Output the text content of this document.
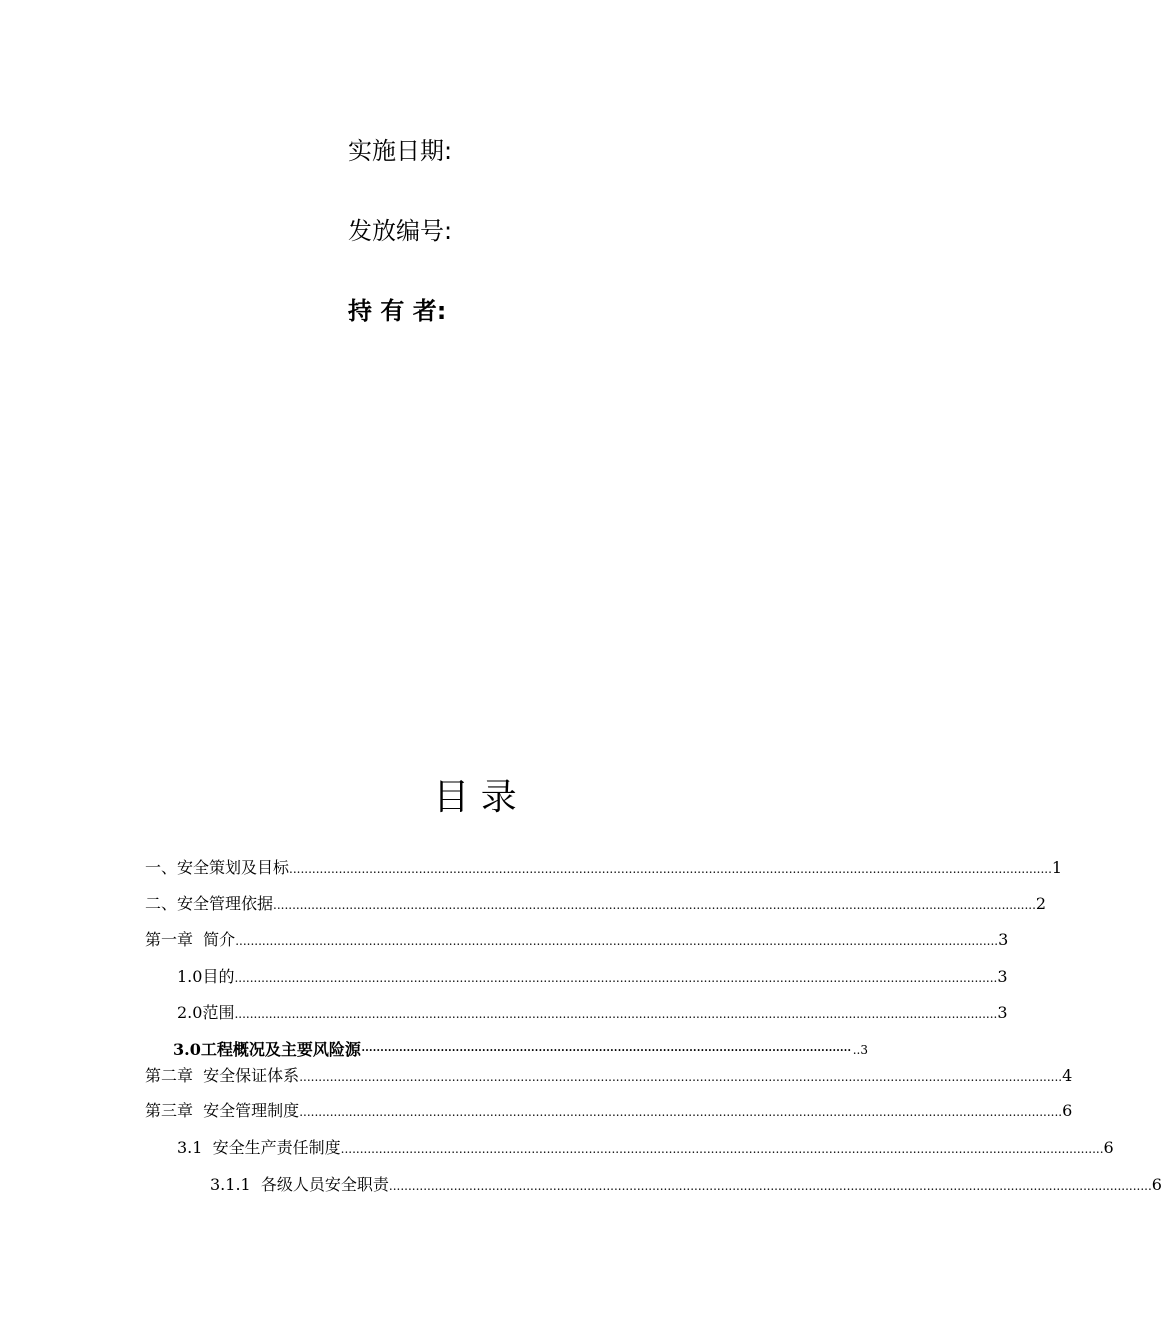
实施日期:
发放编号:
持 有 者:
目 录
一、安全策划及目标 ........................................................................................................................................................................................................ 1
二、安全管理依据 ........................................................................................................................................................................................................ 2
第一章  简介 ........................................................................................................................................................................................................ 3
1.0目的 ........................................................................................................................................................................................................ 3
2.0范围 ........................................................................................................................................................................................................ 3
3.0工程概况及主要风险源 ·································································································································· ..3
第二章  安全保证体系 ........................................................................................................................................................................................................ 4
第三章  安全管理制度 ........................................................................................................................................................................................................ 6
3.1  安全生产责任制度 ........................................................................................................................................................................................................ 6
3.1.1  各级人员安全职责 ........................................................................................................................................................................................................ 6
